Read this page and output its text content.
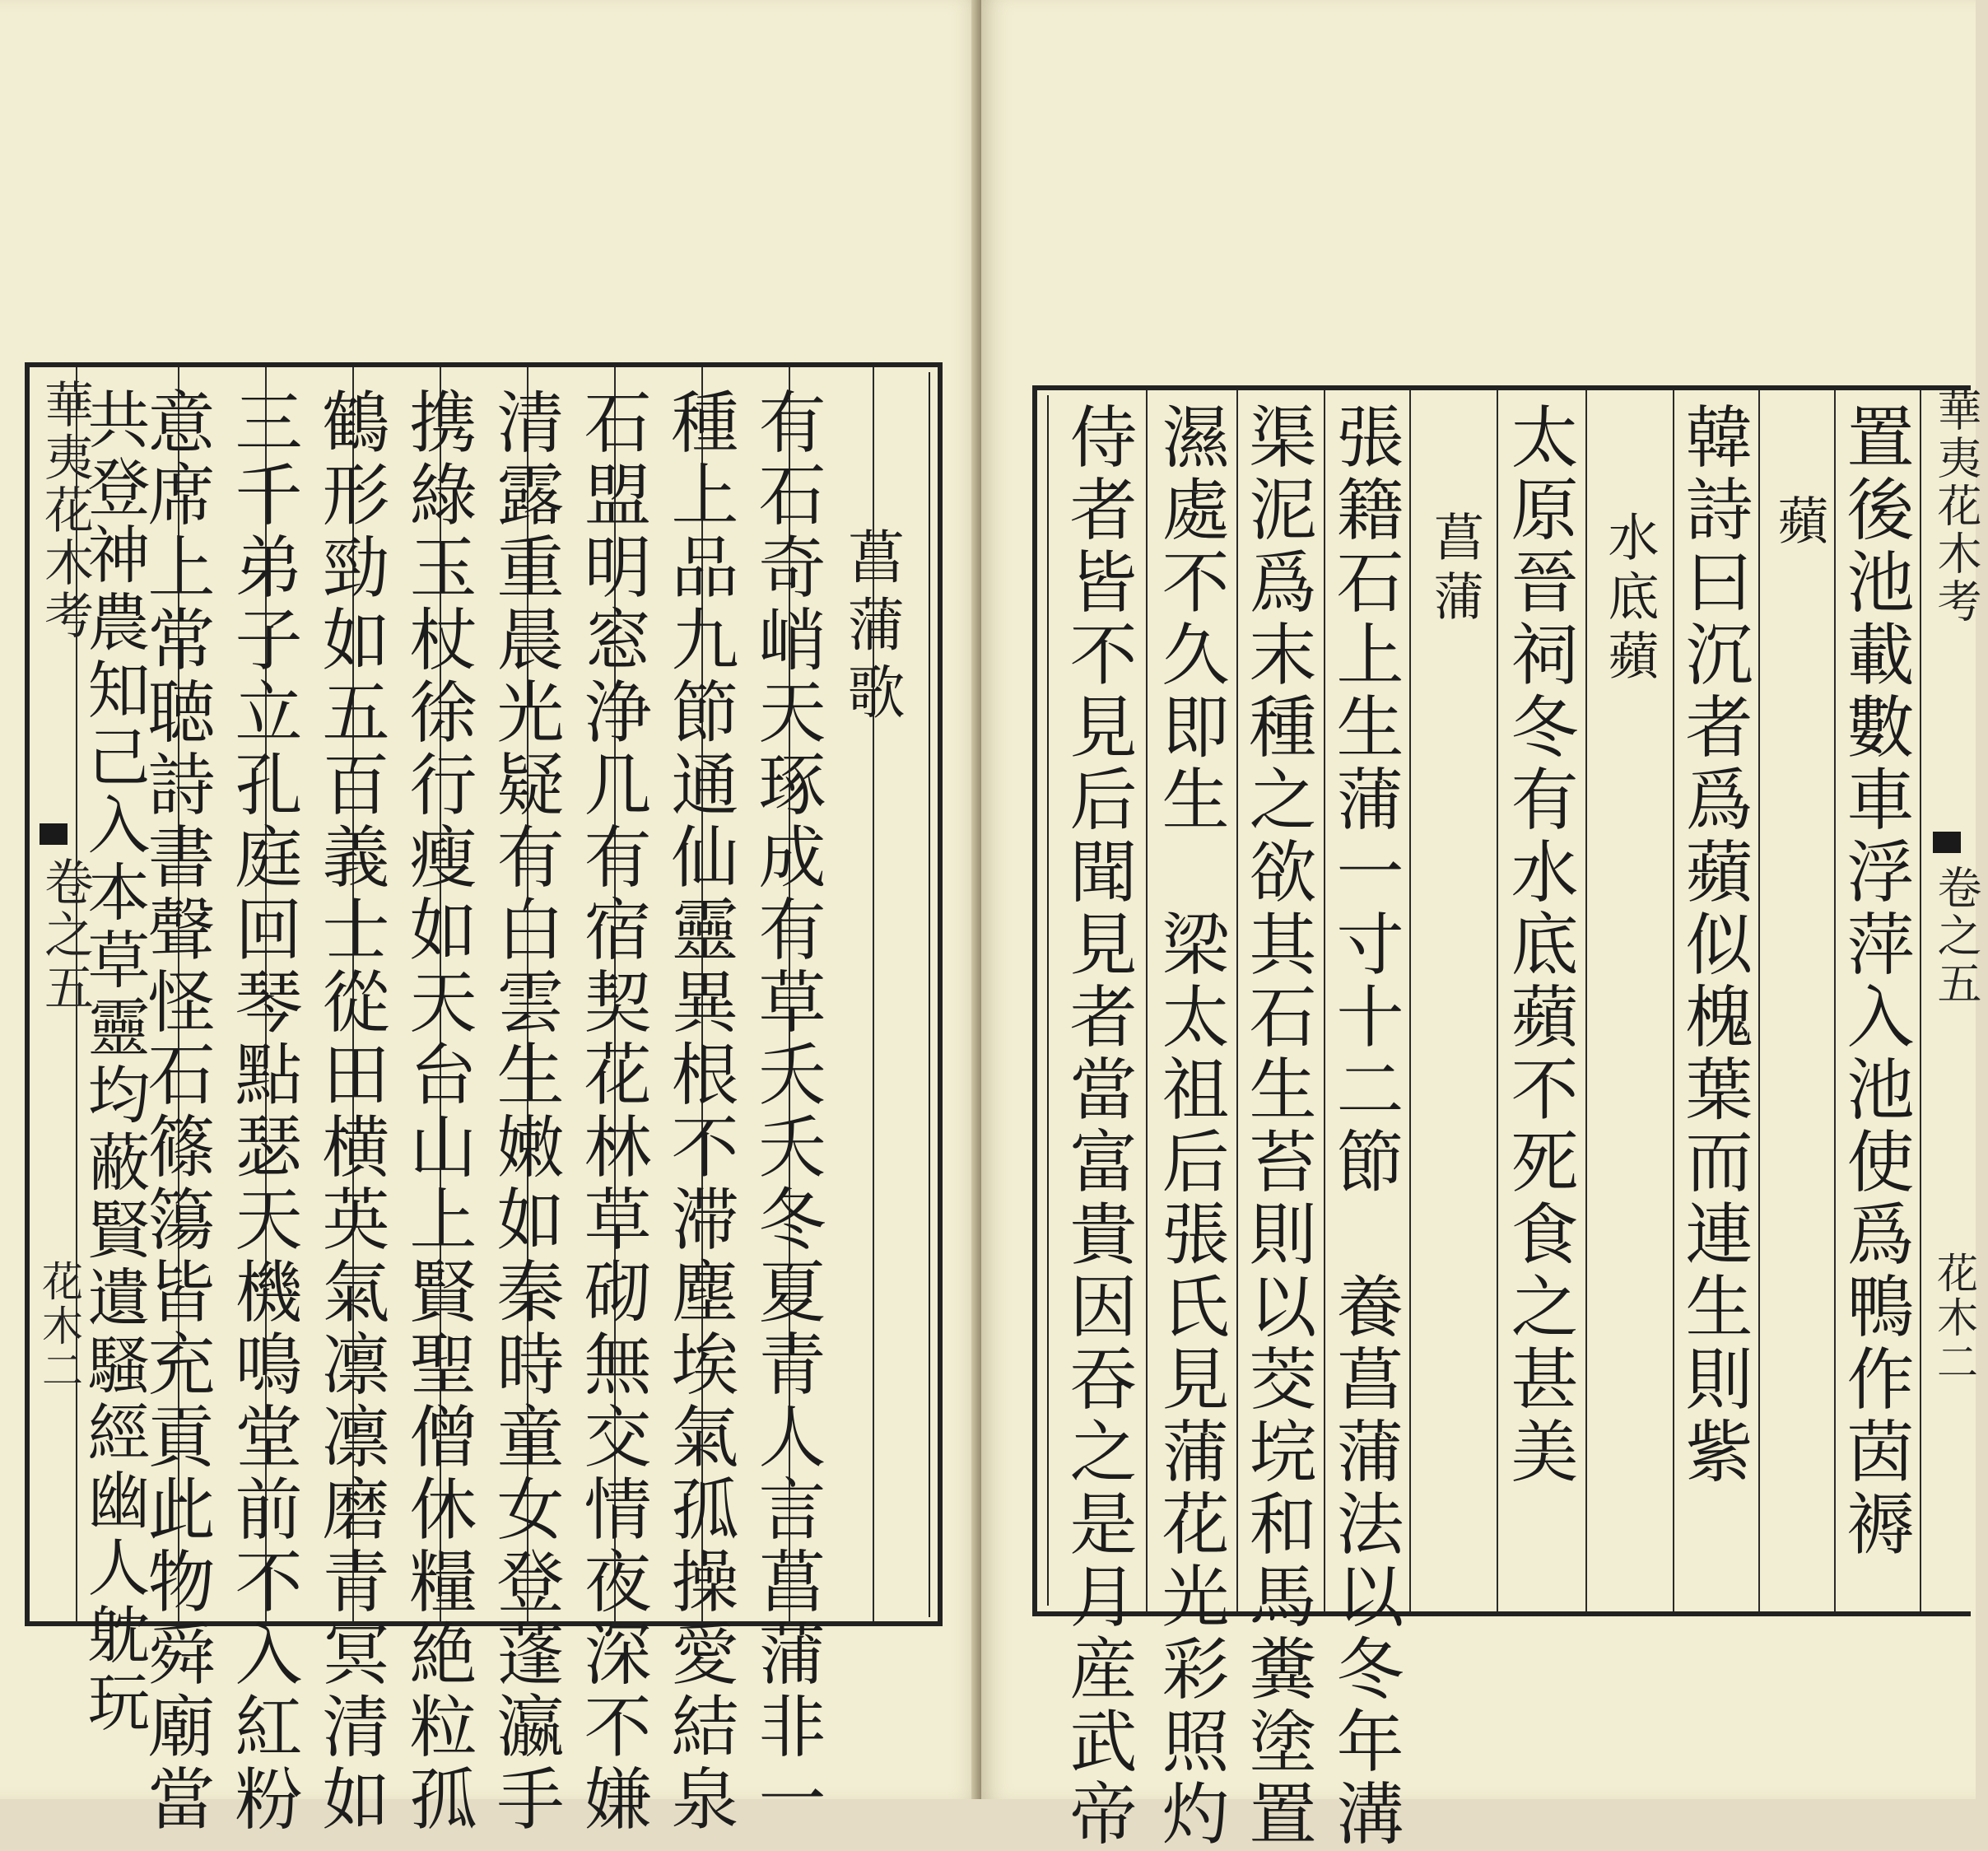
華夷花木考
卷之五
花木二
菖蒲歌
有石奇峭天琢成有草夭夭冬夏青人言菖蒲非一
種上品九節通仙靈異根不滞塵埃氣孤操愛結泉
石盟明窓浄几有宿契花林草砌無交情夜深不嫌
清露重晨光疑有白雲生嫩如秦時童女登蓬瀛手
携綠玉杖徐行瘦如天台山上賢聖僧休糧絶粒孤
鶴形勁如五百義士從田横英氣凛凛磨青冥清如
三千弟子立孔庭回琴點瑟天機鳴堂前不入紅粉
意席上常聴詩書聲怪石篠簜皆充貢此物舜廟當
共登神農知己入本草靈均蔽賢遺騷經幽人躭玩	華夷花木考
卷之五
花木二
置後池載數車浮萍入池使爲鴨作茵褥
蘋
韓詩曰沉者爲蘋似槐葉而連生則紫
水底蘋
太原晉祠冬有水底蘋不死食之甚美
菖蒲
張籍石上生蒲一寸十二節　養菖蒲法以冬年溝
渠泥爲末種之欲其石生苔則以茭垸和馬糞塗置
濕處不久即生　梁太祖后張氏見蒲花光彩照灼
侍者皆不見后聞見者當富貴因吞之是月産武帝
